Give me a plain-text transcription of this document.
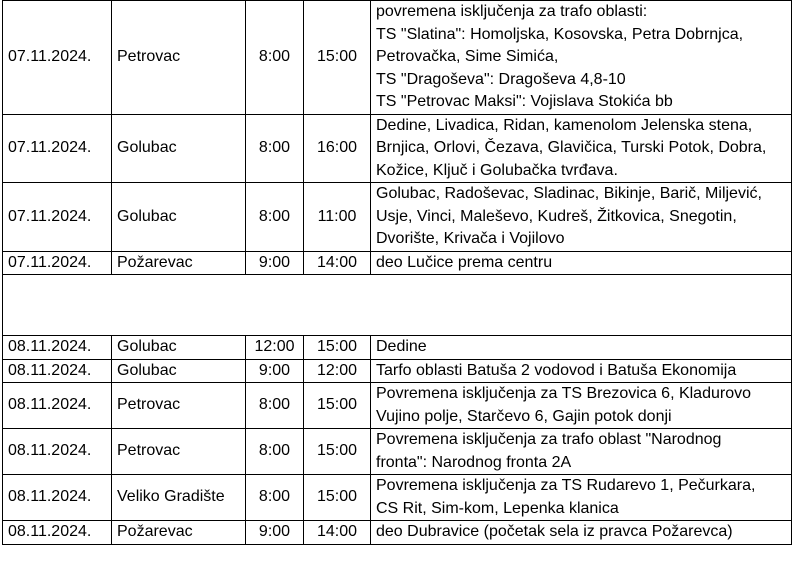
07.11.2024.	Petrovac	8:00	15:00	povremena isključenja za trafo oblasti:
TS "Slatina": Homoljska, Kosovska, Petra Dobrnjca,
Petrovačka, Sime Simića,
TS "Dragoševa": Dragoševa 4,8-10
TS "Petrovac Maksi": Vojislava Stokića bb

07.11.2024.	Golubac	8:00	16:00	Dedine, Livadica, Ridan, kamenolom Jelenska stena,
Brnjica, Orlovi, Čezava, Glavičica, Turski Potok, Dobra,
Kožice, Ključ i Golubačka tvrđava.

07.11.2024.	Golubac	8:00	11:00	Golubac, Radoševac, Sladinac, Bikinje, Barič, Miljević,
Usje, Vinci, Maleševo, Kudreš, Žitkovica, Snegotin,
Dvorište, Krivača i Vojilovo

07.11.2024.	Požarevac	9:00	14:00	deo Lučice prema centru

08.11.2024.	Golubac	12:00	15:00	Dedine

08.11.2024.	Golubac	9:00	12:00	Tarfo oblasti Batuša 2 vodovod i Batuša Ekonomija

08.11.2024.	Petrovac	8:00	15:00	Povremena isključenja za TS Brezovica 6, Kladurovo
Vujino polje, Starčevo 6, Gajin potok donji

08.11.2024.	Petrovac	8:00	15:00	Povremena isključenja za trafo oblast "Narodnog
fronta": Narodnog fronta 2A

08.11.2024.	Veliko Gradište	8:00	15:00	Povremena isključenja za TS Rudarevo 1, Pečurkara,
CS Rit, Sim-kom, Lepenka klanica

08.11.2024.	Požarevac	9:00	14:00	deo Dubravice (početak sela iz pravca Požarevca)
